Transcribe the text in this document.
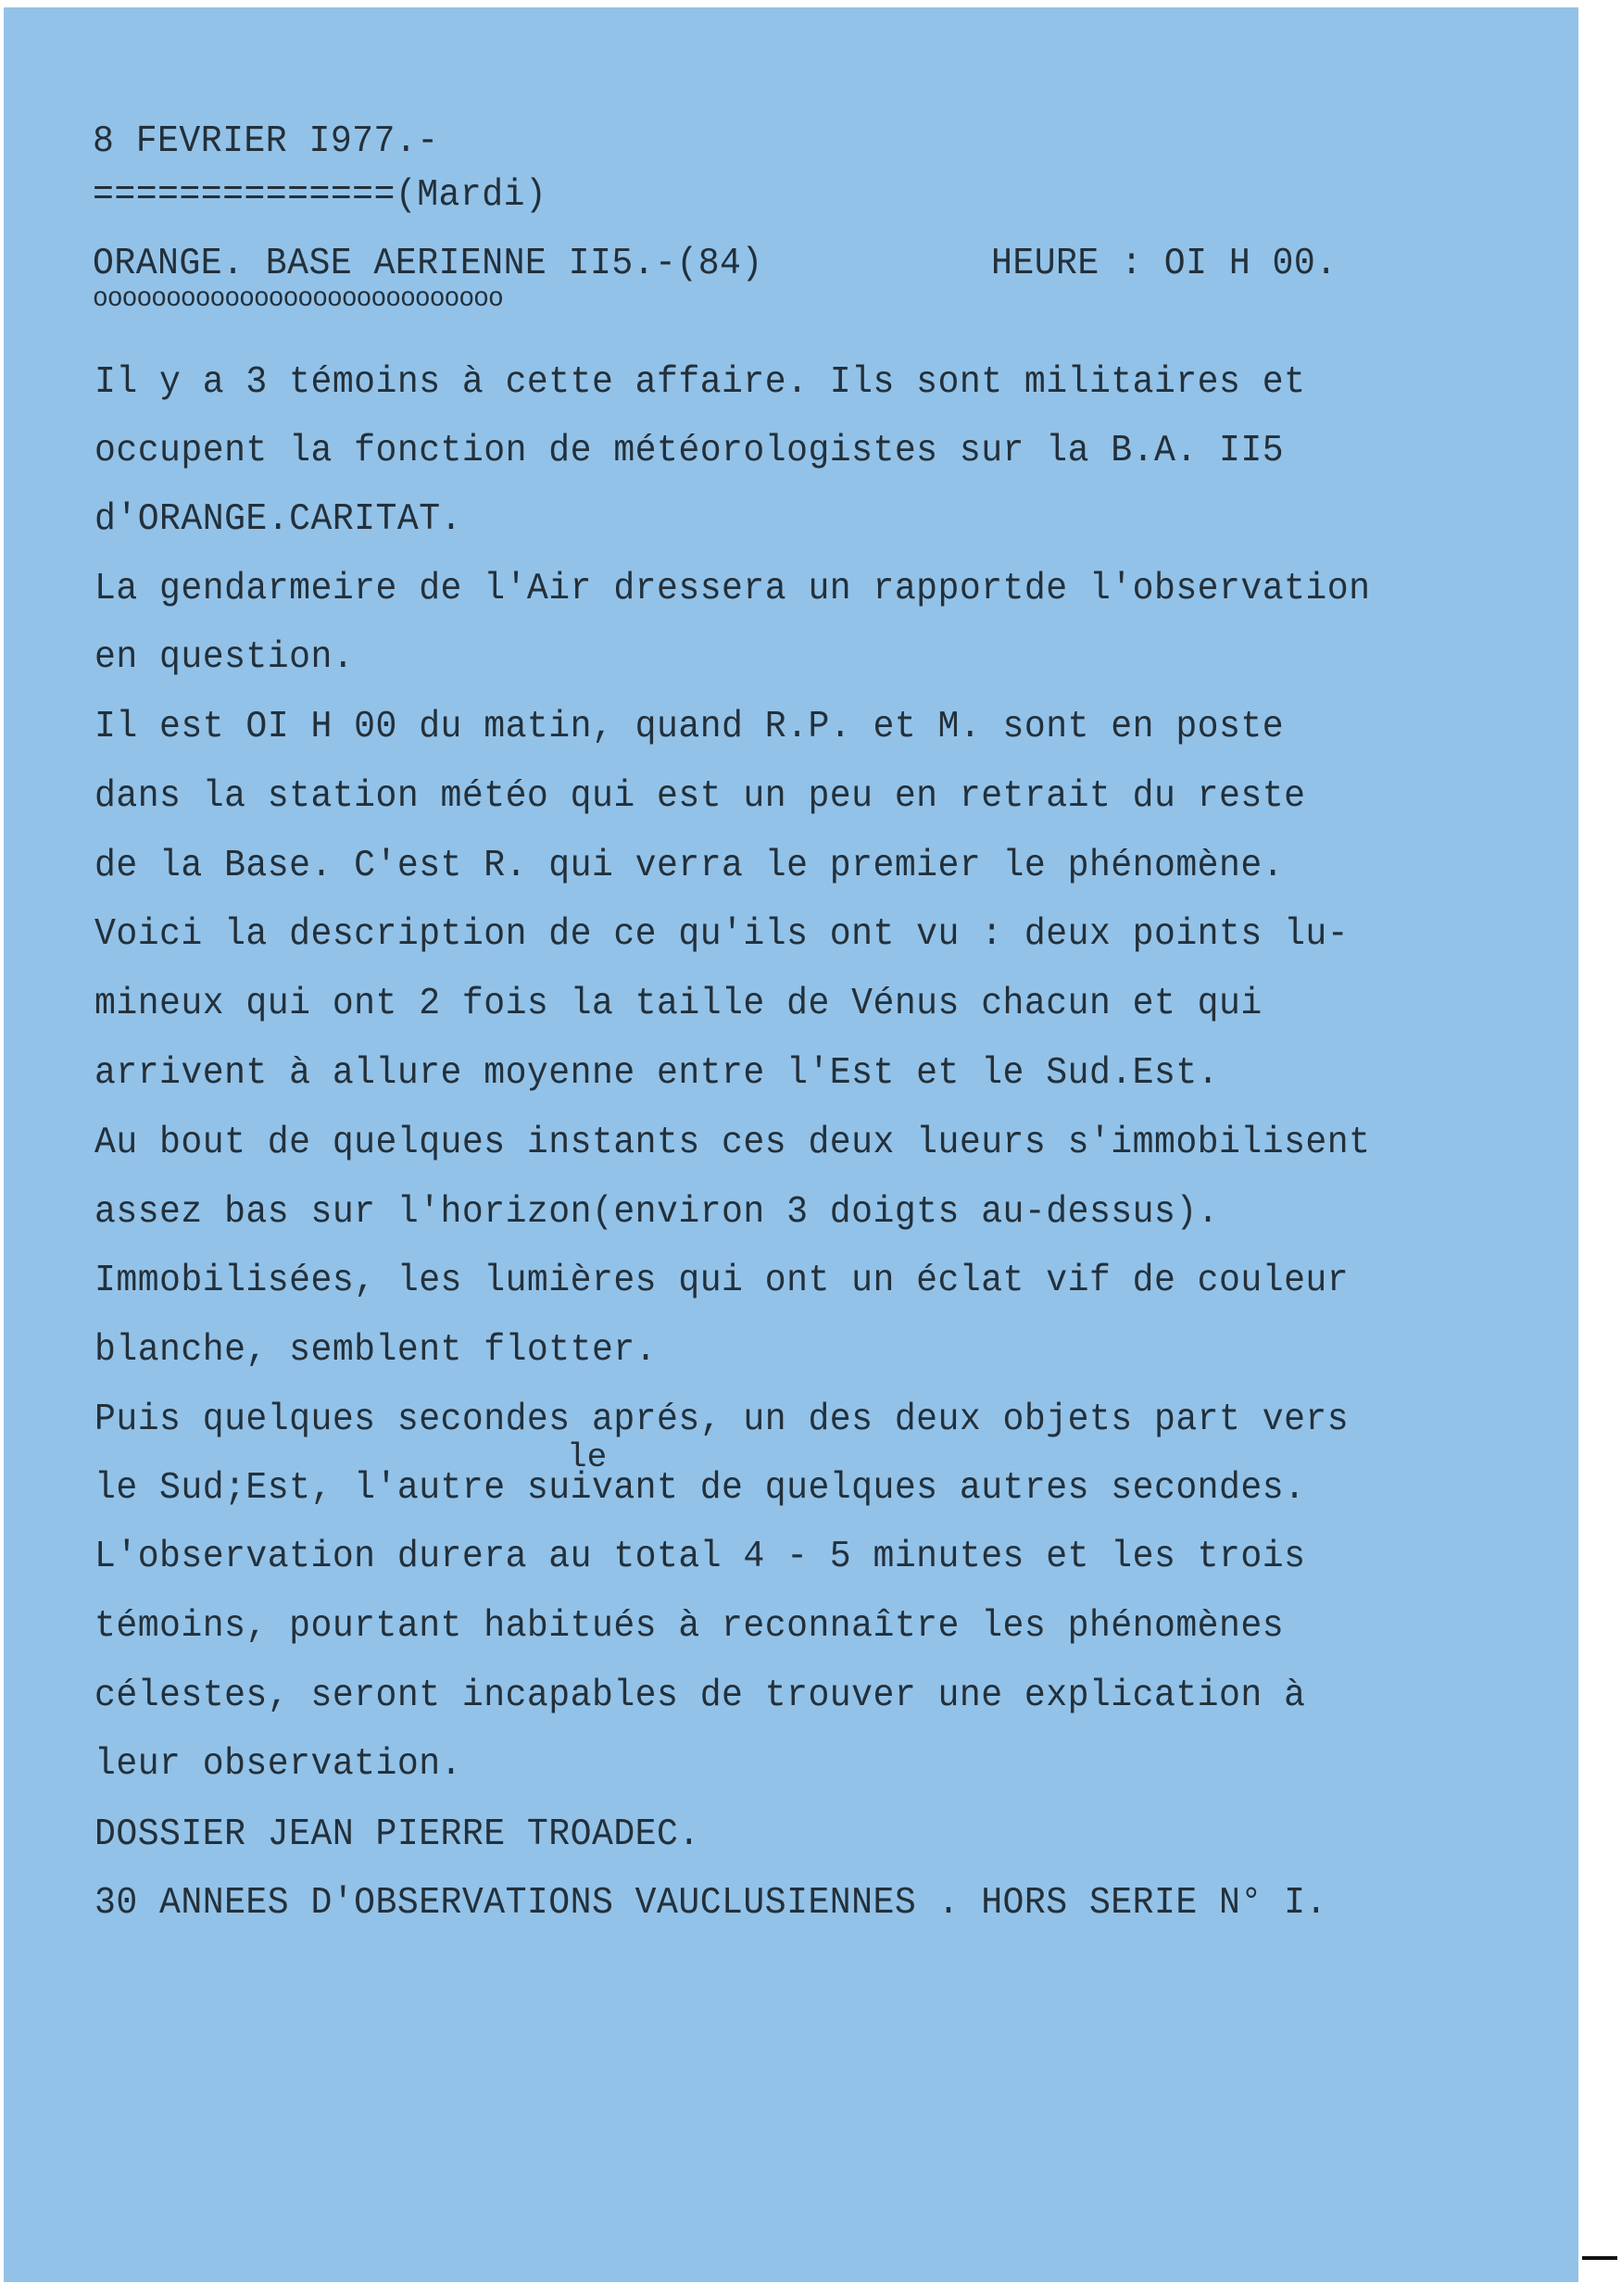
8 FEVRIER I977.-
==============(Mardi)
ORANGE. BASE AERIENNE II5.-(84)	HEURE : OI H 00.
oooooooooooooooooooooooooooo
Il y a 3 témoins à cette affaire. Ils sont militaires et
occupent la fonction de météorologistes sur la B.A. II5
d'ORANGE.CARITAT.
La gendarmeire de l'Air dressera un rapportde l'observation
en question.
Il est OI H 00 du matin, quand R.P. et M. sont en poste
dans la station météo qui est un peu en retrait du reste
de la Base. C'est R. qui verra le premier le phénomène.
Voici la description de ce qu'ils ont vu : deux points lu-
mineux qui ont 2 fois la taille de Vénus chacun et qui
arrivent à allure moyenne entre l'Est et le Sud.Est.
Au bout de quelques instants ces deux lueurs s'immobilisent
assez bas sur l'horizon(environ 3 doigts au-dessus).
Immobilisées, les lumières qui ont un éclat vif de couleur
blanche, semblent flotter.
Puis quelques secondes aprés, un des deux objets part vers
le Sud;Est, l'autre suivant de quelques autres secondes.
le
L'observation durera au total 4 - 5 minutes et les trois
témoins, pourtant habitués à reconnaître les phénomènes
célestes, seront incapables de trouver une explication à
leur observation.
DOSSIER JEAN PIERRE TROADEC.
30 ANNEES D'OBSERVATIONS VAUCLUSIENNES . HORS SERIE N° I.
